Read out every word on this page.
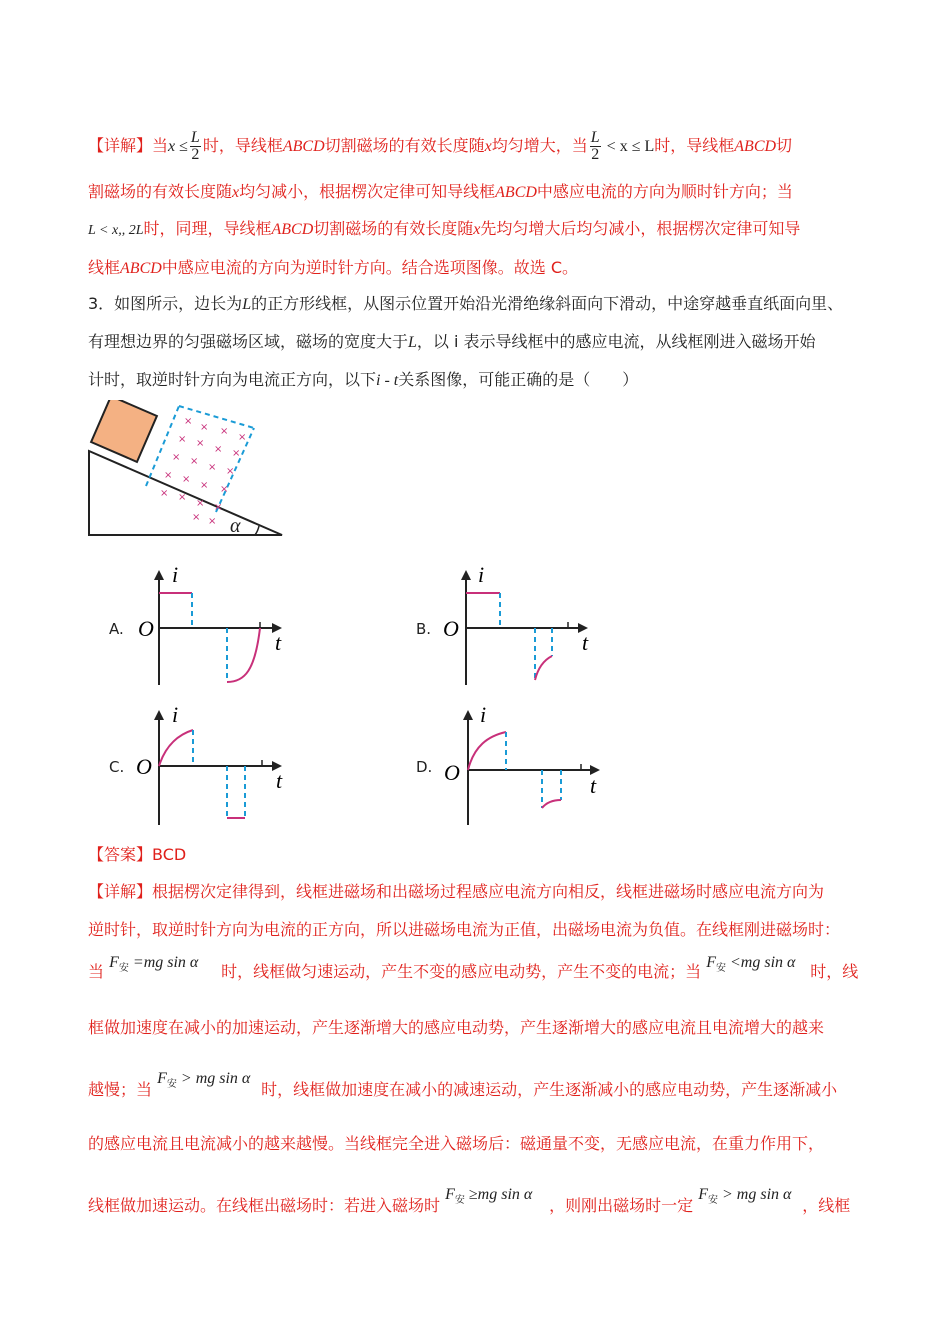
【详解】当$x \le \frac{L}{2}$ 时，导线框ABCD切割磁场的有效长度随x均匀增大，当 $\frac{L}{2} < x \le L$时，导线框ABCD切
割磁场的有效长度随x均匀减小，根据楞次定律可知导线框ABCD中感应电流的方向为顺时针方向；当
L < x,, 2L时，同理，导线框ABCD切割磁场的有效长度随x先均匀增大后均匀减小，根据楞次定律可知导
线框ABCD中感应电流的方向为逆时针方向。结合选项图像。故选 C。
3．如图所示，边长为L的正方形线框，从图示位置开始沿光滑绝缘斜面向下滑动，中途穿越垂直纸面向里、
有理想边界的匀强磁场区域，磁场的宽度大于L，以 i 表示导线框中的感应电流，从线框刚进入磁场开始
计时，取逆时针方向为电流正方向，以下i - t关系图像，可能正确的是（　　）
α
×
× ×
×
× ×
× ×
× ×
× ×
× ×
× ×
× ×
× ×
× ×
A. O
i
t
B. O
i
t
C. O
i
t
D. O
i
t
【答案】BCD
【详解】根据楞次定律得到，线框进磁场和出磁场过程感应电流方向相反，线框进磁场时感应电流方向为
逆时针，取逆时针方向为电流的正方向，所以进磁场电流为正值，出磁场电流为负值。在线框刚进磁场时：
当 $F_安 =mg$ sin α 时，线框做匀速运动，产生不变的感应电动势，产生不变的电流；当 $F_安 <mg$ sin α 时，线
框做加速度在减小的加速运动，产生逐渐增大的感应电动势，产生逐渐增大的感应电流且电流增大的越来
越慢；当 $F_安$ > mg sin α时，线框做加速度在减小的减速运动，产生逐渐减小的感应电动势，产生逐渐减小
的感应电流且电流减小的越来越慢。当线框完全进入磁场后：磁通量不变，无感应电流，在重力作用下，
线框做加速运动。在线框出磁场时：若进入磁场时 $F_安 \ge mg$ sin α，则刚出磁场时一定 $F_安$ > mg sin α，线框
